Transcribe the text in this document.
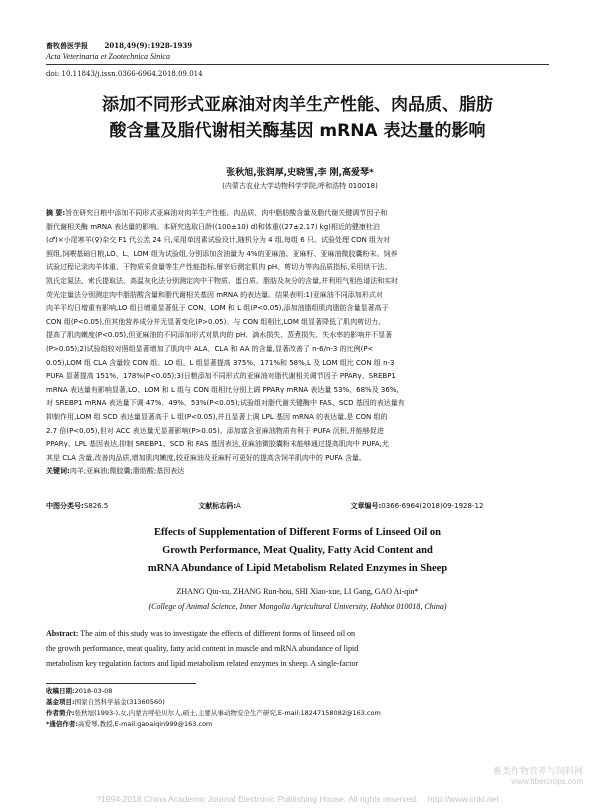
畜牧兽医学报 2018,49(9):1928-1939
Acta Veterinaria et Zootechnica Sinica
doi: 10.11843/j.issn.0366-6964.2018.09.014
添加不同形式亚麻油对肉羊生产性能、肉品质、脂肪
酸含量及脂代谢相关酶基因 mRNA 表达量的影响
张秋旭,张润厚,史晓雪,李 刚,高爱琴*
(内蒙古农业大学动物科学学院,呼和浩特 010018)
摘 要:旨在研究日粮中添加不同形式亚麻油对肉羊生产性能、肉品质、肉中脂肪酸含量及脂代谢关键调节因子和
脂代谢相关酶 mRNA 表达量的影响。本研究选取日龄((100±10) d)和体重((27±2.17) kg)相近的健康杜泊
(♂)×小尾寒羊(♀)杂交 F1 代公羔 24 只,采用单因素试验设计,随机分为 4 组,每组 6 只。试验处理 CON 组为对
照组,饲喂基础日粮,LO、L、LOM 组为试验组,分别添加含油量为 4%的亚麻油、亚麻籽、亚麻油微胶囊粉末。饲养
试验过程记录肉羊体重、干物质采食量等生产性能指标,屠宰后测定肌肉 pH、剪切力等肉品质指标,采用烘干法、
凯氏定氮法、索氏提取法、高温灰化法分别测定肉中干物质、蛋白质、脂肪及灰分的含量,并利用气相色谱法和实时
荧光定量法分别测定肉中脂肪酸含量和脂代谢相关基因 mRNA 的表达量。结果表明:1)亚麻油不同添加形式对
肉羊平均日增重有影响,LO 组日增重显著低于 CON、LOM 和 L 组(P<0.05),添加油脂组肌肉脂肪含量显著高于
CON 组(P<0.05),但其他营养成分并无显著变化(P>0.05)。与 CON 组相比,LOM 组显著降低了肌肉剪切力,
提高了肌肉嫩度(P<0.05),但亚麻油的不同添加形式对肌肉的 pH、滴水损失、蒸煮损失、失水率的影响并不显著
(P>0.05);2)试验组较对照组显著增加了肌肉中 ALA、CLA 和 AA 的含量,显著改善了 n-6/n-3 的比例(P<
0.05),LOM 组 CLA 含量较 CON 组、LO 组、L 组显著提高 375%、171%和 58%,L 及 LOM 组比 CON 组 n-3
PUFA 显著提高 151%、178%(P<0.05);3)日粮添加不同形式的亚麻油对脂代谢相关调节因子 PPARγ、SREBP1
mRNA 表达量有影响显著,LO、LOM 和 L 组与 CON 组相比分别上调 PPARγ mRNA 表达量 53%、68%及 36%,
对 SREBP1 mRNA 表达量下调 47%、49%、53%(P<0.05);试验组对脂代谢关键酶中 FAS、SCD 基因的表达量有
抑制作用,LOM 组 SCD 表达量显著高于 L 组(P<0.05),并且显著上调 LPL 基因 mRNA 的表达量,是 CON 组的
2.7 倍(P<0.05),但对 ACC 表达量无显著影响(P>0.05)。添加富含亚麻油物质有利于 PUFA 沉积,并能够促进
PPARγ、LPL 基因表达,抑制 SREBP1、SCD 和 FAS 基因表达,亚麻油微胶囊粉末能够通过提高肌肉中 PUFA,尤
其是 CLA 含量,改善肉品质,增加肌肉嫩度,较亚麻油及亚麻籽可更好的提高含饲羊肌肉中的 PUFA 含量。
关键词:肉羊;亚麻油;微胶囊;脂肪酸;基因表达
中图分类号:S826.5	文献标志码:A	文章编号:0366-6964(2018)09-1928-12
Effects of Supplementation of Different Forms of Linseed Oil on
Growth Performance, Meat Quality, Fatty Acid Content and
mRNA Abundance of Lipid Metabolism Related Enzymes in Sheep
ZHANG Qiu-xu, ZHANG Run-hou, SHI Xiao-xue, LI Gang, GAO Ai-qin*
(College of Animal Science, Inner Mongolia Agricultural University, Hohhot 010018, China)
Abstract: The aim of this study was to investigate the effects of different forms of linseed oil on
the growth performance, meat quality, fatty acid content in muscle and mRNA abundance of lipid
metabolism key regulation factors and lipid metabolism related enzymes in sheep. A single-factor
收稿日期:2018-03-08
基金项目:国家自然科学基金(31360560)
作者简介:张秋旭(1993-),女,内蒙古呼伦贝尔人,硕士,主要从事动物安全生产研究,E-mail:18247158082@163.com
*通信作者:高爱琴,教授,E-mail:gaoaiqin999@163.com
畜类作物营养与饲料网
www.fibercrops.com
?1994-2018 China Academic Journal Electronic Publishing House. All rights reserved.    http://www.cnki.net
